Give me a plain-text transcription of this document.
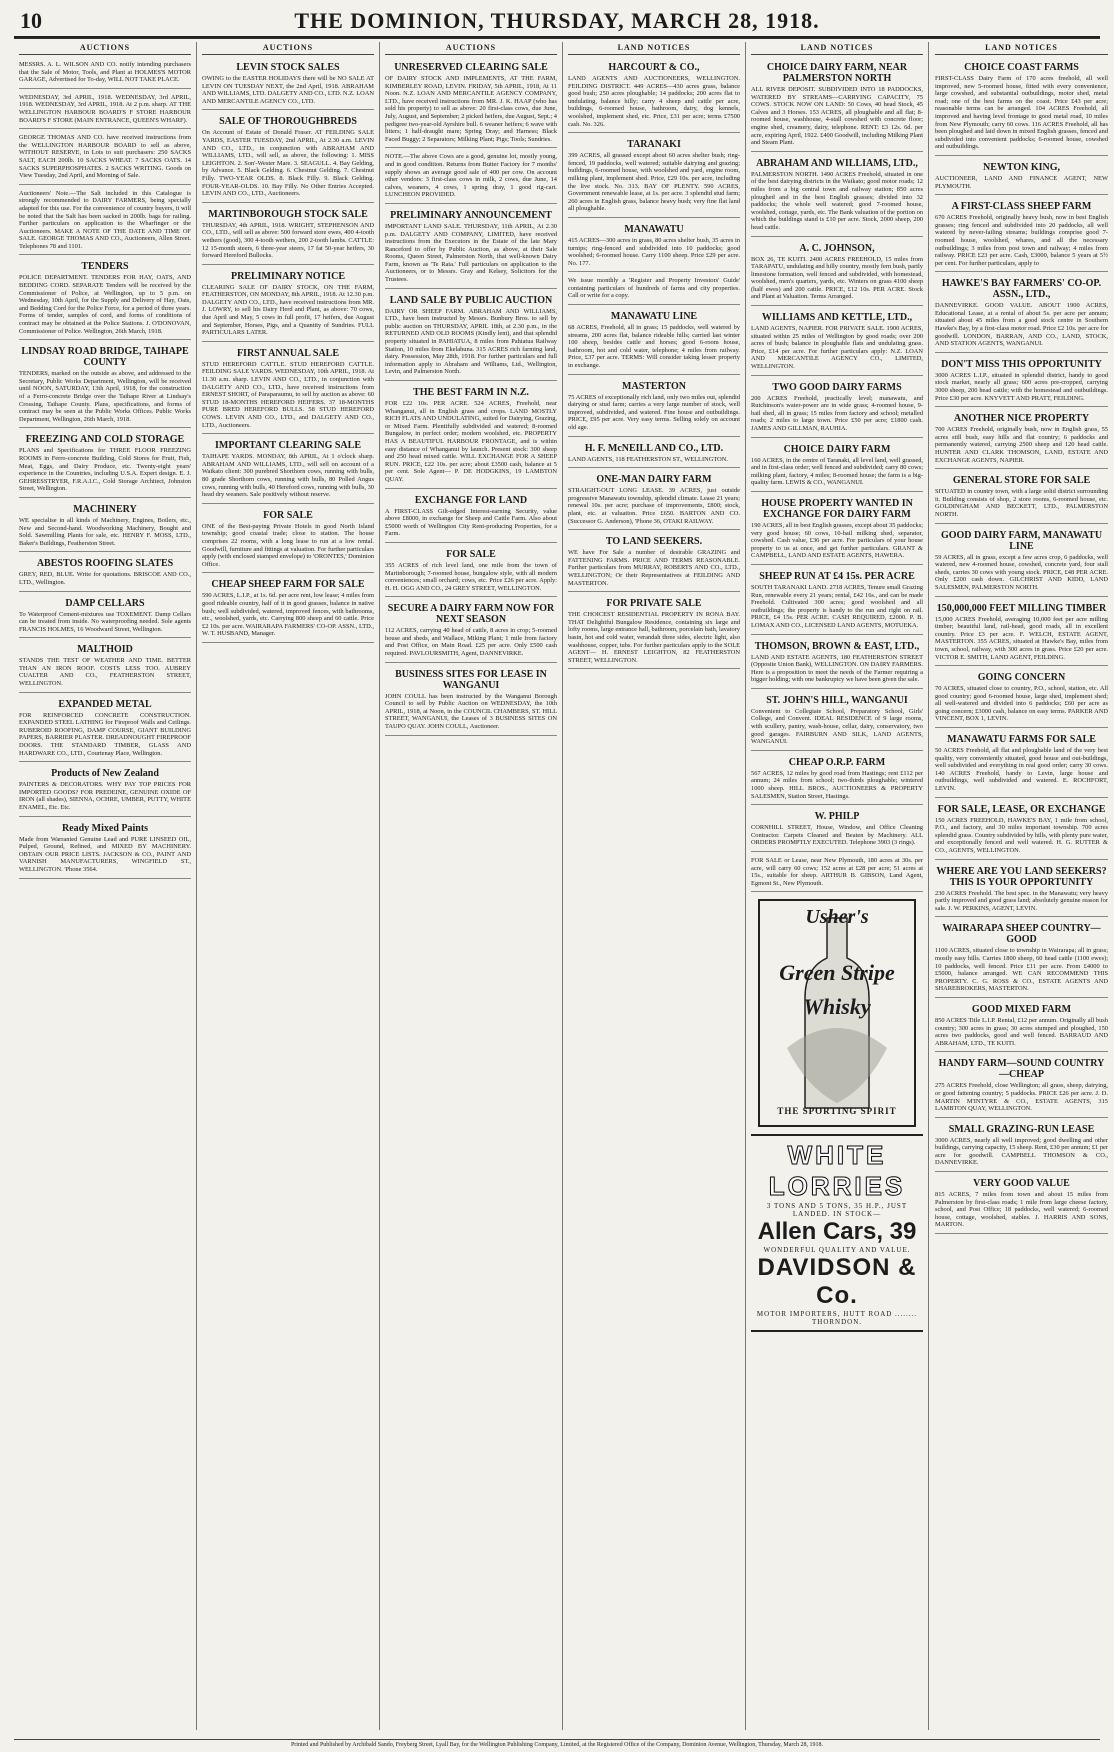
10	THE DOMINION, THURSDAY, MARCH 28, 1918.
AUCTIONS

MESSRS. A. L. WILSON AND CO. notify intending purchasers that the Sale of Motor, Tools, and Plant at HOLMES'S MOTOR GARAGE, Advertised for To-day, WILL NOT TAKE PLACE.

WEDNESDAY, 3rd APRIL, 1918. WEDNESDAY, 3rd APRIL, 1918. WEDNESDAY, 3rd APRIL, 1918. At 2 p.m. sharp. AT THE WELLINGTON HARBOUR BOARD'S F STORE HARBOUR BOARD'S F STORE (MAIN ENTRANCE, QUEEN'S WHARF).

GEORGE THOMAS AND CO. have received instructions from the WELLINGTON HARBOUR BOARD to sell as above, WITHOUT RESERVE, in Lots to suit purchasers: 250 SACKS SALT, EACH 200lb. 10 SACKS WHEAT. 7 SACKS OATS. 14 SACKS SUPERPHOSPHATES. 2 SACKS WRITING. Goods on View Tuesday, 2nd April, and Morning of Sale.

Auctioneers' Note.—The Salt included in this Catalogue is strongly recommended to DAIRY FARMERS, being specially adapted for this use. For the convenience of country buyers, it will be noted that the Salt has been sacked in 200lb. bags for railing. Further particulars on application to the Wharfinger or the Auctioneers. MAKE A NOTE OF THE DATE AND TIME OF SALE. GEORGE THOMAS AND CO., Auctioneers, Allen Street. Telephones 78 and 1101.

TENDERS

POLICE DEPARTMENT. TENDERS FOR HAY, OATS, AND BEDDING CORD. SEPARATE Tenders will be received by the Commissioner of Police, at Wellington, up to 5 p.m. on Wednesday, 10th April, for the Supply and Delivery of Hay, Oats, and Bedding Cord for the Police Force, for a period of three years. Forms of tender, samples of cord, and forms of conditions of contract may be obtained at the Police Stations. J. O'DONOVAN, Commissioner of Police. Wellington, 26th March, 1918.

LINDSAY ROAD BRIDGE, TAIHAPE COUNTY

TENDERS, marked on the outside as above, and addressed to the Secretary, Public Works Department, Wellington, will be received until NOON, SATURDAY, 13th April, 1918, for the construction of a Ferro-concrete Bridge over the Taihape River at Lindsay's Crossing, Taihape County. Plans, specifications, and forms of contract may be seen at the Public Works Offices. Public Works Department, Wellington, 26th March, 1918.

FREEZING AND COLD STORAGE

PLANS and Specifications for THREE FLOOR FREEZING ROOMS in Ferro-concrete Building, Cold Stores for Fruit, Fish, Meat, Eggs, and Dairy Produce, etc. Twenty-eight years' experience in the Countries, including U.S.A. Expert design. E. J. GEHRESSTRYER, F.R.A.I.C., Cold Storage Architect, Johnston Street, Wellington.

MACHINERY

WE specialise in all kinds of Machinery, Engines, Boilers, etc., New and Second-hand. Woodworking Machinery, Bought and Sold. Sawmilling Plants for sale, etc. HENRY F. MOSS, LTD., Baker's Buildings, Featherston Street.

ABESTOS ROOFING SLATES

GREY, RED, BLUE. Write for quotations. BRISCOE AND CO., LTD., Wellington.

DAMP CELLARS

To Waterproof Cement-mixtures use TOXEMENT. Damp Cellars can be treated from inside. No waterproofing needed. Sole agents FRANCIS HOLMES, 16 Woodward Street, Wellington.

MALTHOID

STANDS THE TEST OF WEATHER AND TIME. BETTER THAN AN IRON ROOF. COSTS LESS TOO. AUBREY CUALTER AND CO., FEATHERSTON STREET, WELLINGTON.

EXPANDED METAL

FOR REINFORCED CONCRETE CONSTRUCTION. EXPANDED STEEL LATHING for Fireproof Walls and Ceilings. RUBEROID ROOFING, DAMP COURSE, GIANT BUILDING PAPERS, BARRIER PLASTER. DREADNOUGHT FIREPROOF DOORS. THE STANDARD TIMBER, GLASS AND HARDWARE CO., LTD., Courtenay Place, Wellington.

Products of New Zealand

PAINTERS & DECORATORS. WHY PAY TOP PRICES FOR IMPORTED GOODS? FOR PREDEINE, GENUINE OXIDE OF IRON (all shades), SIENNA, OCHRE, UMBER, PUTTY, WHITE ENAMEL, Etc. Etc.

Ready Mixed Paints

Made from Warranted Genuine Lead and PURE LINSEED OIL, Pulped, Ground, Refined, and MIXED BY MACHINERY. OBTAIN OUR PRICE LISTS. JACKSON & CO., PAINT AND VARNISH MANUFACTURERS, WINGFIELD ST., WELLINGTON. 'Phone 3564.

AUCTIONS
LEVIN STOCK SALES

OWING to the EASTER HOLIDAYS there will be NO SALE AT LEVIN ON TUESDAY NEXT, the 2nd April, 1918. ABRAHAM AND WILLIAMS, LTD. DALGETY AND CO., LTD. N.Z. LOAN AND MERCANTILE AGENCY CO., LTD.

SALE OF THOROUGHBREDS

On Account of Estate of Donald Fraser. AT FEILDING SALE YARDS, EASTER TUESDAY, 2nd APRIL, At 2.30 a.m. LEVIN AND CO., LTD., in conjunction with ABRAHAM AND WILLIAMS, LTD., will sell, as above, the following: 1. MISS LEIGHTON. 2. Son'-Wester Mare. 3. SEAGULL. 4. Bay Gelding, by Advance. 5. Black Gelding. 6. Chestnut Gelding. 7. Chestnut Filly. TWO-YEAR OLDS. 8. Black Filly. 9. Black Gelding. FOUR-YEAR-OLDS. 10. Bay Filly. No Other Entries Accepted. LEVIN AND CO., LTD., Auctioneers.

MARTINBOROUGH STOCK SALE

THURSDAY, 4th APRIL, 1918. WRIGHT, STEPHENSON AND CO., LTD., will sell as above: 500 forward store ewes, 400 4-tooth wethers (good), 300 4-tooth wethers, 200 2-tooth lambs. CATTLE: 12 15-month steers, 6 three-year steers, 17 fat 50-year heifers, 30 forward Hereford Bullocks.

PRELIMINARY NOTICE

CLEARING SALE OF DAIRY STOCK, ON THE FARM, FEATHERSTON, ON MONDAY, 8th APRIL, 1918. At 12.30 p.m. DALGETY AND CO., LTD., have received instructions from MR. J. LOWRY, to sell his Dairy Herd and Plant, as above: 70 cows, due April and May, 5 cows in full profit, 17 heifers, due August and September, Horses, Pigs, and a Quantity of Sundries. FULL PARTICULARS LATER.

FIRST ANNUAL SALE

STUD HEREFORD CATTLE. STUD HEREFORD CATTLE. FEILDING SALE YARDS. WEDNESDAY, 10th APRIL, 1918. At 11.30 a.m. sharp. LEVIN AND CO., LTD., in conjunction with DALGETY AND CO., LTD., have received instructions from ERNEST SHORT, of Paraparaumu, to sell by auction as above: 60 STUD 18-MONTHS HEREFORD HEIFERS. 37 18-MONTHS PURE BRED HEREFORD BULLS. 58 STUD HEREFORD COWS. LEVIN AND CO., LTD., and DALGETY AND CO., LTD., Auctioneers.

IMPORTANT CLEARING SALE

TAIHAPE YARDS. MONDAY, 8th APRIL, At 1 o'clock sharp. ABRAHAM AND WILLIAMS, LTD., will sell on account of a Waikato client: 300 purebred Shorthorn cows, running with bulls, 80 grade Shorthorn cows, running with bulls, 80 Polled Angus cows, running with bulls, 40 Hereford cows, running with bulls, 30 head dry weaners. Sale positively without reserve.

FOR SALE

ONE of the Best-paying Private Hotels in good North Island township; good coastal trade; close to station. The house comprises 22 rooms, with a long lease to run at a low rental. Goodwill, furniture and fittings at valuation. For further particulars apply (with enclosed stamped envelope) to 'ORONTES,' Dominion Office.

CHEAP SHEEP FARM FOR SALE

590 ACRES, L.I.P., at 1s. 6d. per acre rent, low lease; 4 miles from good rideable country, half of it in good grasses, balance in native bush; well subdivided, watered, improved fences, with bathrooms, etc., woolshed, yards, etc. Carrying 800 sheep and 60 cattle. Price £2 10s. per acre. WAIRARAPA FARMERS' CO-OP. ASSN., LTD., W. T. HUSBAND, Manager.

AUCTIONS
UNRESERVED CLEARING SALE

OF DAIRY STOCK AND IMPLEMENTS, AT THE FARM, KIMBERLEY ROAD, LEVIN. FRIDAY, 5th APRIL, 1918, At 11 Noon. N.Z. LOAN AND MERCANTILE AGENCY COMPANY, LTD., have received instructions from MR. J. K. HAAP (who has sold his property) to sell as above: 20 first-class cows, due June, July, August, and September; 2 picked heifers, due August, Sept.; 4 pedigree two-year-old Ayrshire bull. 6 weaner heifers; 6 wave with litters; 1 half-draught mare; Spring Dray; and Harness; Black Faced Buggy; 2 Separators; Milking Plant; Pigs; Tools; Sundries.

NOTE.—The above Cows are a good, genuine lot, mostly young, and in good condition. Returns from Butter Factory for 7 months' supply shows an average good sale of 400 per cow. On account other vendors: 3 first-class cows in milk, 2 cows, due June, 14 calves, weaners, 4 cows, 1 spring dray, 1 good rig-cart. LUNCHEON PROVIDED.

PRELIMINARY ANNOUNCEMENT

IMPORTANT LAND SALE. THURSDAY, 11th APRIL, At 2.30 p.m. DALGETY AND COMPANY, LIMITED, have received instructions from the Executors in the Estate of the late Mary Ranceford to offer by Public Auction, as above, at their Sale Rooms, Queen Street, Palmerston North, that well-known Dairy Farm, known as 'Te Rata.' Full particulars on application to the Auctioneers, or to Messrs. Gray and Kelsey, Solicitors for the Trustees.

LAND SALE BY PUBLIC AUCTION

DAIRY OR SHEEP FARM. ABRAHAM AND WILLIAMS, LTD., have been instructed by Messrs. Bunbury Bros. to sell by public auction on THURSDAY, APRIL 18th, at 2.30 p.m., in the RETURNED AND OLD ROOMS (Kindly lent), and that splendid property situated in PAHIATUA, 8 miles from Pahiatua Railway Station, 10 miles from Ekelahuna. 315 ACRES rich farming land, dairy. Possession, May 28th, 1918. For further particulars and full information apply to Abraham and Williams, Ltd., Wellington, Levin, and Palmerston North.

THE BEST FARM IN N.Z.

FOR £22 10s. PER ACRE. 524 ACRES, Freehold, near Whanganui, all in English grass and crops. LAND MOSTLY RICH FLATS AND UNDULATING, suited for Dairying, Grazing, or Mixed Farm. Plentifully subdivided and watered; 8-roomed Bungalow, in perfect order; modern woolshed, etc. PROPERTY HAS A BEAUTIFUL HARBOUR FRONTAGE, and is within easy distance of Whanganui by launch. Present stock: 300 sheep and 250 head mixed cattle. WILL EXCHANGE FOR A SHEEP RUN. PRICE, £22 10s. per acre; about £3500 cash, balance at 5 per cent. Sole Agent— P. DE HODGKINS, 19 LAMBTON QUAY.

EXCHANGE FOR LAND

A FIRST-CLASS Gilt-edged Interest-earning Security, value above £8000, in exchange for Sheep and Cattle Farm. Also about £5000 worth of Wellington City Rent-producing Properties, for a Farm.

FOR SALE

355 ACRES of rich level land, one mile from the town of Martinborough; 7-roomed house, bungalow style, with all modern conveniences; small orchard; cows, etc. Price £26 per acre. Apply: H. H. OGG AND CO., 24 GREY STREET, WELLINGTON.

SECURE A DAIRY FARM NOW FOR NEXT SEASON

112 ACRES, carrying 40 head of cattle, 8 acres in crop; 5-roomed house and sheds, and Wallace, Miking Plant; 1 mile from factory and Post Office, on Main Road. £25 per acre. Only £500 cash required. PAVLOURSMITH, Agent, DANNEVIRKE.

BUSINESS SITES FOR LEASE IN WANGANUI

JOHN COULL has been instructed by the Wanganui Borough Council to sell by Public Auction on WEDNESDAY, the 10th APRIL, 1918, at Noon, in the COUNCIL CHAMBERS, ST. HILL STREET, WANGANUI, the Leases of 3 BUSINESS SITES ON TAUPO QUAY. JOHN COULL, Auctioneer.

LAND NOTICES
HARCOURT & CO.,

LAND AGENTS AND AUCTIONEERS, WELLINGTON. FEILDING DISTRICT. 449 ACRES—430 acres grass, balance good bush; 250 acres ploughable; 14 paddocks; 200 acres flat to undulating, balance hilly; carry 4 sheep and cattle per acre, buildings, 6-roomed house, bathroom, dairy, dog kennels, woolshed, implement shed, etc. Price, £31 per acre; terms £7500 cash. No. 326.

TARANAKI

399 ACRES, all grassed except about 60 acres shelter bush; ring-fenced, 19 paddocks, well watered; suitable dairying and grazing; buildings, 6-roomed house, with woolshed and yard, engine room, milking plant, implement shed. Price, £29 10s. per acre, including the live stock. No. 313. BAY OF PLENTY. 590 ACRES, Government renewable lease, at 1s. per acre. 3 splendid stud farm; 260 acres in English grass, balance heavy bush; very fine flat land all ploughable.

MANAWATU

415 ACRES—300 acres in grass, 80 acres shelter bush, 35 acres in turnips; ring-fenced and subdivided into 10 paddocks; good woolshed; 6-roomed house. Carry 1100 sheep. Price £29 per acre. No. 177.

We issue monthly a 'Register and Property Investors' Guide' containing particulars of hundreds of farms and city properties. Call or write for a copy.

MANAWATU LINE

68 ACRES, Freehold, all in grass; 15 paddocks, well watered by streams, 200 acres flat, balance rideable hills; carried last winter 100 sheep, besides cattle and horses; good 6-room house, bathroom, hot and cold water, telephone; 4 miles from railway. Price, £37 per acre. TERMS: Will consider taking lesser property in exchange.

MASTERTON

75 ACRES of exceptionally rich land, only two miles out, splendid dairying or stud farm; carries a very large number of stock, well improved, subdivided, and watered. Fine house and outbuildings. PRICE, £95 per acre. Very easy terms. Selling solely on account old age.

H. F. McNEILL AND CO., LTD.

LAND AGENTS, 118 FEATHERSTON ST., WELLINGTON.

ONE-MAN DAIRY FARM

STRAIGHT-OUT LONG LEASE. 39 ACRES, just outside progressive Manawatu township, splendid climate. Lease 21 years; renewal 10s. per acre; purchase of improvements, £800; stock, plant, etc. at valuation. Price £650. BARTON AND CO. (Successor G. Anderson), 'Phone 36, OTAKI RAILWAY.

TO LAND SEEKERS.

WE have For Sale a number of desirable GRAZING and FATTENING FARMS. PRICE AND TERMS REASONABLE. Further particulars from MURRAY, ROBERTS AND CO., LTD., WELLINGTON; Or their Representatives at FEILDING AND MASTERTON.

FOR PRIVATE SALE

THE CHOICEST RESIDENTIAL PROPERTY IN RONA BAY. THAT Delightful Bungalow Residence, containing six large and lofty rooms, large entrance hall, bathroom, porcelain bath, lavatory basin, hot and cold water, verandah three sides, electric light, also washhouse, copper, tubs. For further particulars apply to the SOLE AGENT— H. ERNEST LEIGHTON, 82 FEATHERSTON STREET, WELLINGTON.

LAND NOTICES
CHOICE DAIRY FARM, NEAR PALMERSTON NORTH

ALL RIVER DEPOSIT. SUBDIVIDED INTO 18 PADDOCKS, WATERED BY STREAMS—CARRYING CAPACITY, 75 COWS. STOCK NOW ON LAND: 50 Cows, 40 head Stock, 45 Calves and 3 Horses. 153 ACRES, all ploughable and all flat; 8-roomed house, washhouse, 4-stall cowshed with concrete floor; engine shed, creamery, dairy, telephone. RENT: £3 12s. 6d. per acre, expiring April, 1922. £400 Goodwill, including Milking Plant and Steam Plant.

ABRAHAM AND WILLIAMS, LTD.,

PALMERSTON NORTH. 1490 ACRES Freehold, situated in one of the best dairying districts in the Waikato; good motor roads; 12 miles from a big central town and railway station; 850 acres ploughed and in the best English grasses; divided into 32 paddocks; the whole well watered; good 7-roomed house, woolshed, cottage, yards, etc. The Bank valuation of the portion on which the buildings stand is £10 per acre. Stock, 2000 sheep, 200 head cattle.

A. C. JOHNSON,

BOX 26, TE KUITI. 2400 ACRES FREEHOLD, 15 miles from TARAPATU, undulating and hilly country, mostly fern bush, partly limestone formation, well fenced and subdivided, with homestead, woolshed, men's quarters, yards, etc. Winters on grass 4100 sheep (half ewes) and 200 cattle. PRICE, £12 10s. PER ACRE. Stock and Plant at Valuation. Terms Arranged.

WILLIAMS AND KETTLE, LTD.,

LAND AGENTS, NAPIER. FOR PRIVATE SALE. 1900 ACRES, situated within 25 miles of Wellington by good roads; over 200 acres of bush; balance in ploughable flats and undulating grass. Price, £14 per acre. For further particulars apply: N.Z. LOAN AND MERCANTILE AGENCY CO., LIMITED, WELLINGTON.

TWO GOOD DAIRY FARMS

200 ACRES Freehold, practically level; manawatu, and Rutchinson's water-power are in wide grass; 4-roomed house, 9-bail shed, all in grass; 15 miles from factory and school; metalled roads; 2 miles to large town. Price £50 per acre; £1800 cash. JAMES AND GILLMAN, RAUHIA.

CHOICE DAIRY FARM

160 ACRES, in the centre of Taranaki, all level land, well grassed, and in first-class order; well fenced and subdivided; carry 80 cows; milking plant, factory, 4 miles; 8-roomed house; the farm is a big-quality farm. LEWIS & CO., WANGANUI.

HOUSE PROPERTY WANTED IN EXCHANGE FOR DAIRY FARM

190 ACRES, all in best English grasses, except about 35 paddocks; very good house; 60 cows, 10-bail milking shed, separator, cowshed. Cash value, £36 per acre. For particulars of your house property to us at once, and get further particulars. GRANT & CAMPBELL, LAND AND ESTATE AGENTS, HAWERA.

SHEEP RUN AT £4 15s. PER ACRE

SOUTH TARANAKI LAND. 2718 ACRES, Tenure small Grazing Run, renewable every 21 years; rental, £42 16s., and can be made Freehold. Cultivated 300 acres; good woolshed and all outbuildings; the property is handy to the run and right on rail. PRICE, £4 15s. PER ACRE. CASH REQUIRED, £2000. P. B. LOMAX AND CO., LICENSED LAND AGENTS, MOTUEKA.

THOMSON, BROWN & EAST, LTD.,

LAND AND ESTATE AGENTS, 180 FEATHERSTON STREET (Opposite Union Bank), WELLINGTON. ON DAIRY FARMERS. Here is a proposition to meet the needs of the Farmer requiring a bigger holding; with one bankruptcy we have been given the sale.

ST. JOHN'S HILL, WANGANUI

Convenient to Collegiate School, Preparatory School, Girls' College, and Convent. IDEAL RESIDENCE of 9 large rooms, with scullery, pantry, wash-house, cellar, dairy, conservatory, two good garages. FAIRBURN AND SILK, LAND AGENTS, WANGANUI.

CHEAP O.R.P. FARM

567 ACRES, 12 miles by good road from Hastings; rent £112 per annum; 24 miles from school; two-thirds ploughable; wintered 1000 sheep. HILL BROS., AUCTIONEERS & PROPERTY SALESMEN, Station Street, Hastings.

W. PHILP

CORNHILL STREET, House, Window, and Office Cleaning Contractor. Carpets Cleaned and Beaten by Machinery. ALL ORDERS PROMPTLY EXECUTED. Telephone 3903 (3 rings).

FOR SALE or Lease, near New Plymouth, 180 acres at 30s. per acre, will carry 60 cows; 152 acres at £28 per acre; 51 acres at 15s., suitable for sheep. ARTHUR B. GIBSON, Land Agent, Egmont St., New Plymouth.

Usher's
Green Stripe
Whisky
THE SPORTING SPIRIT
WHITE LORRIES
3 TONS AND 5 TONS, 35 H.P., JUST LANDED. IN STOCK—
Allen Cars, 39
WONDERFUL QUALITY AND VALUE.
DAVIDSON & Co.
MOTOR IMPORTERS, HUTT ROAD ........ THORNDON.
LAND NOTICES
CHOICE COAST FARMS

FIRST-CLASS Dairy Farm of 170 acres freehold, all well improved, new 5-roomed house, fitted with every convenience, large cowshed, and substantial outbuildings, motor shed, metal road; one of the best farms on the coast. Price £43 per acre; reasonable terms can be arranged. 104 ACRES Freehold, all improved and having level frontage to good metal road, 10 miles from New Plymouth; carry 60 cows. 116 ACRES Freehold, all has been ploughed and laid down in mixed English grasses, fenced and subdivided into convenient paddocks; 6-roomed house, cowshed and outbuildings.

NEWTON KING,

AUCTIONEER, LAND AND FINANCE AGENT, NEW PLYMOUTH.

A FIRST-CLASS SHEEP FARM

670 ACRES Freehold, originally heavy bush, now in best English grasses; ring fenced and subdivided into 20 paddocks, all well watered by never-failing streams; buildings comprise good 7-roomed house, woolshed, whares, and all the necessary outbuildings; 3 miles from post town and railway; 4 miles from railway. PRICE £23 per acre. Cash, £3000, balance 5 years at 5½ per cent. For further particulars, apply to

HAWKE'S BAY FARMERS' CO-OP. ASSN., LTD.,

DANNEVIRKE. GOOD VALUE. ABOUT 1900 ACRES, Educational Lease, at a rental of about 5s. per acre per annum; situated about 45 miles from a good stock centre in Southern Hawke's Bay, by a first-class motor road. Price £2 10s. per acre for goodwill. LONDON, BARRAN, AND CO., LAND, STOCK, AND STATION AGENTS, WANGANUI.

DON'T MISS THIS OPPORTUNITY

3000 ACRES L.I.P., situated in splendid district, handy to good stock market, nearly all grass; 600 acres pre-cropped, carrying 3000 sheep, 200 head cattle; with the homestead and outbuildings. Price £30 per acre. KNYVETT AND PRATT, FEILDING.

ANOTHER NICE PROPERTY

700 ACRES Freehold, originally bush, now in English grass, 55 acres still bush, easy hills and flat country; 6 paddocks and permanently watered, carrying 2500 sheep and 120 head cattle. HUNTER AND CLARK THOMSON, LAND, ESTATE AND EXCHANGE AGENTS, NAPIER.

GENERAL STORE FOR SALE

SITUATED in country town, with a large solid district surrounding it. Building consists of shop, 2 store rooms, 6-roomed house, etc. GOLDINGHAM AND BECKETT, LTD., PALMERSTON NORTH.

GOOD DAIRY FARM, MANAWATU LINE

59 ACRES, all in grass, except a few acres crop, 6 paddocks, well watered, new 4-roomed house, cowshed, concrete yard, four stall sheds, carries 30 cows with young stock. PRICE, £48 PER ACRE. Only £200 cash down. GILCHRIST AND KIDD, LAND SALESMEN, PALMERSTON NORTH.

150,000,000 FEET MILLING TIMBER

15,000 ACRES Freehold, averaging 10,000 feet per acre milling timber; beautiful land, rail-head, good roads, all in excellent country. Price £3 per acre. F. WELCH, ESTATE AGENT, MASTERTON. 355 ACRES, situated at Hawke's Bay, miles from town, school, railway, with 300 acres in grass. Price £20 per acre. VICTOR E. SMITH, LAND AGENT, FEILDING.

GOING CONCERN

70 ACRES, situated close to country, P.O., school, station, etc. All good country; good 6-roomed house, large shed, implement shed; all well-watered and divided into 6 paddocks; £60 per acre as going concern; £3000 cash, balance on easy terms. PARKER AND VINCENT, BOX 1, LEVIN.

MANAWATU FARMS FOR SALE

50 ACRES Freehold, all flat and ploughable land of the very best quality, very conveniently situated, good house and out-buildings, well subdivided and everything in real good order; carry 30 cows. 140 ACRES Freehold, handy to Levin, large house and outbuildings, well subdivided and watered. E. ROCHFORT, LEVIN.

FOR SALE, LEASE, OR EXCHANGE

150 ACRES FREEHOLD, HAWKE'S BAY, 1 mile from school, P.O., and factory, and 30 miles important township. 700 acres splendid grass. Country subdivided by hills, with plenty pure water, and exceptionally fenced and well watered. H. G. RUTTER & CO., AGENTS, WELLINGTON.

WHERE ARE YOU LAND SEEKERS? THIS IS YOUR OPPORTUNITY

230 ACRES Freehold. The best spec. in the Manawatu; very heavy partly improved and good grass land; absolutely genuine reason for sale. J. W. PERKINS, AGENT, LEVIN.

WAIRARAPA SHEEP COUNTRY—GOOD

1100 ACRES, situated close to township in Wairarapa; all in grass; mostly easy hills. Carries 1800 sheep, 60 head cattle (1100 ewes); 10 paddocks, well fenced. Price £11 per acre. From £4000 to £5000, balance arranged. WE CAN RECOMMEND THIS PROPERTY. C. G. ROSS & CO., ESTATE AGENTS AND SHAREBROKERS, MASTERTON.

GOOD MIXED FARM

850 ACRES Title L.I.P. Rental, £12 per annum. Originally all bush country; 300 acres in grass; 30 acres stumped and ploughed, 150 acres two paddocks, good and well fenced. BARRAUD AND ABRAHAM, LTD., TE KUITI.

HANDY FARM—SOUND COUNTRY—CHEAP

275 ACRES Freehold, close Wellington; all grass, sheep, dairying, or good fattening country; 5 paddocks. PRICE £26 per acre. J. D. MARTIN M'INTYRE & CO., ESTATE AGENTS, 315 LAMBTON QUAY, WELLINGTON.

SMALL GRAZING-RUN LEASE

3000 ACRES, nearly all well improved; good dwelling and other buildings, carrying capacity, 15 sheep. Rent, £30 per annum; £1 per acre for goodwill. CAMPBELL THOMSON & CO., DANNEVIRKE.

VERY GOOD VALUE

815 ACRES, 7 miles from town and about 15 miles from Palmerston by first-class roads; 1 mile from large cheese factory, school, and Post Office; 18 paddocks, well watered; 6-roomed house, cottage, woolshed, stables. J. HARRIS AND SONS, MARTON.

Printed and Published by Archibald Sando, Freyberg Street, Lyall Bay, for the Wellington Publishing Company, Limited, at the Registered Office of the Company, Dominion Avenue, Wellington, Thursday, March 28, 1918.
